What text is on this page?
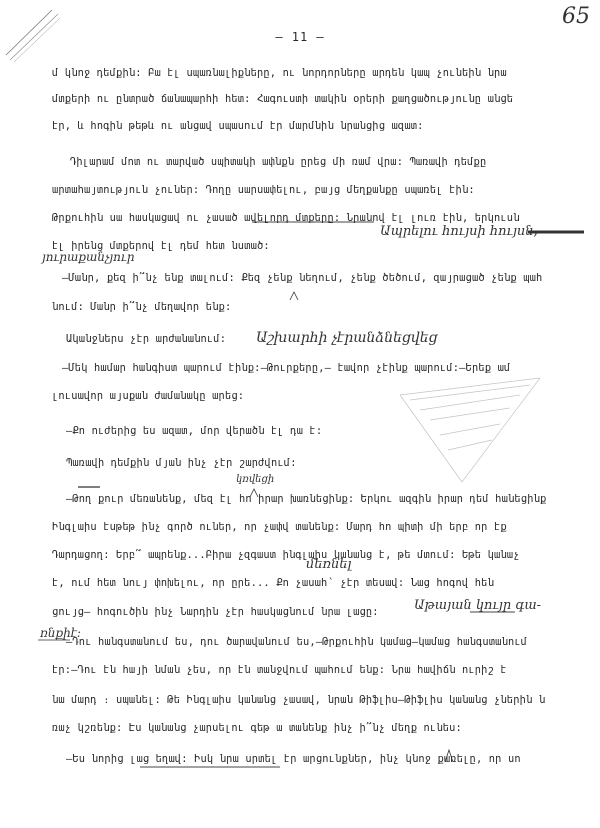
65
– 11 –
մ կնոջ դեմքին: Բա էլ սպառնալիքները, ու նորդորները արդեն կապ չունեին նրա
մտքերի ու ընտրած ճանապարհի հետ: Հագուստի տակին օրերի քաղցածությունը անցե
էր, և հոգին թեթև ու անցավ սպասում էր մարմնին նրանցից ազատ:
Դիլարամ մոտ ու տարված սպիտակի ափնքն ըրեց մի ռամ վրա: Պառավի դեմքը
արտահայտություն չուներ: Դողը սարսափելու, բայց մեղքանքը սպառել էին:
Թրքուհին սա հասկացավ ու չասած ավելորդ մտքերը: Նրանով էլ լուռ էին, երկուսն
էլ իրենց մտքերով էլ դեմ հետ նստած:
–Մանր, քեզ ի՞նչ ենք տալում: Քեզ չենք նեղում, չենք ծեծում, զայրացած չենք պահ
նում: Մանր ի՞նչ մեղավոր ենք:
Ականջներս չէր արժանանում:
–Մեկ համար հանգիստ պարում էինք:–Թուրքերը,– էավոր չէինք պարում:–Երեք ամ
լուսավոր այսքան ժամանակը արեց:
–Քո ուժերից ես ազատ, մոր վերածն էլ դա է:
Պառավի դեմքին մյան ինչ չէր շարժվում:
–Թող քուր մեռանենք, մեզ էլ հո իրար խառնեցինք: Երկու ազգին իրար դեմ հանեցինք
Ինգլաիս էսթեթ ինչ գործ ուներ, որ չափվ տանենք: Մարդ հո պիտի մի երբ որ էք
Դարդացող: Երբ՞ ապրենք...Բիրա չզգաստ ինգլաիս կանանց է, թե մտում: Եթե կանաչ
է, ում հետ նույ փոխելու, որ ըրե... Քո չասահ՝ չէր տեսավ: Նաց հոգով հեն
ցույց– հոգուծին ինչ Նարդին չէր հասկացնում նրա լացը:
–Դու հանգստանում ես, դու ծարավանում ես,–Թրքուհին կամաց–կամաց հանգստանում
էր:–Դու էն հայի նման չես, որ էն տանջվում պահում ենք: Նրա հավիճն ուրիշ է
նա մարդ ։ սպանել: Թե Ինգլաիս կանանց չասավ, նրան Թիֆլիս–Թիֆլիս կանանց չներին ն
ռաչ կշռենք: Էս կանանց չարսելու գեթ ա տանենք ինչ ի՞նչ մեղք ունես:
–Ես նորից լաց եղավ: Իսկ նրա սրտել էր արցունքներ, ինչ կնոջ քառելը, որ սո
Ապրելու հույսի հույսն,
յուրաքանչյուր
Աշխարհի չէրանձնեցվեց
կռվեցի
մեռնել
Աթայան կույր գա-
ռնքիէ:
